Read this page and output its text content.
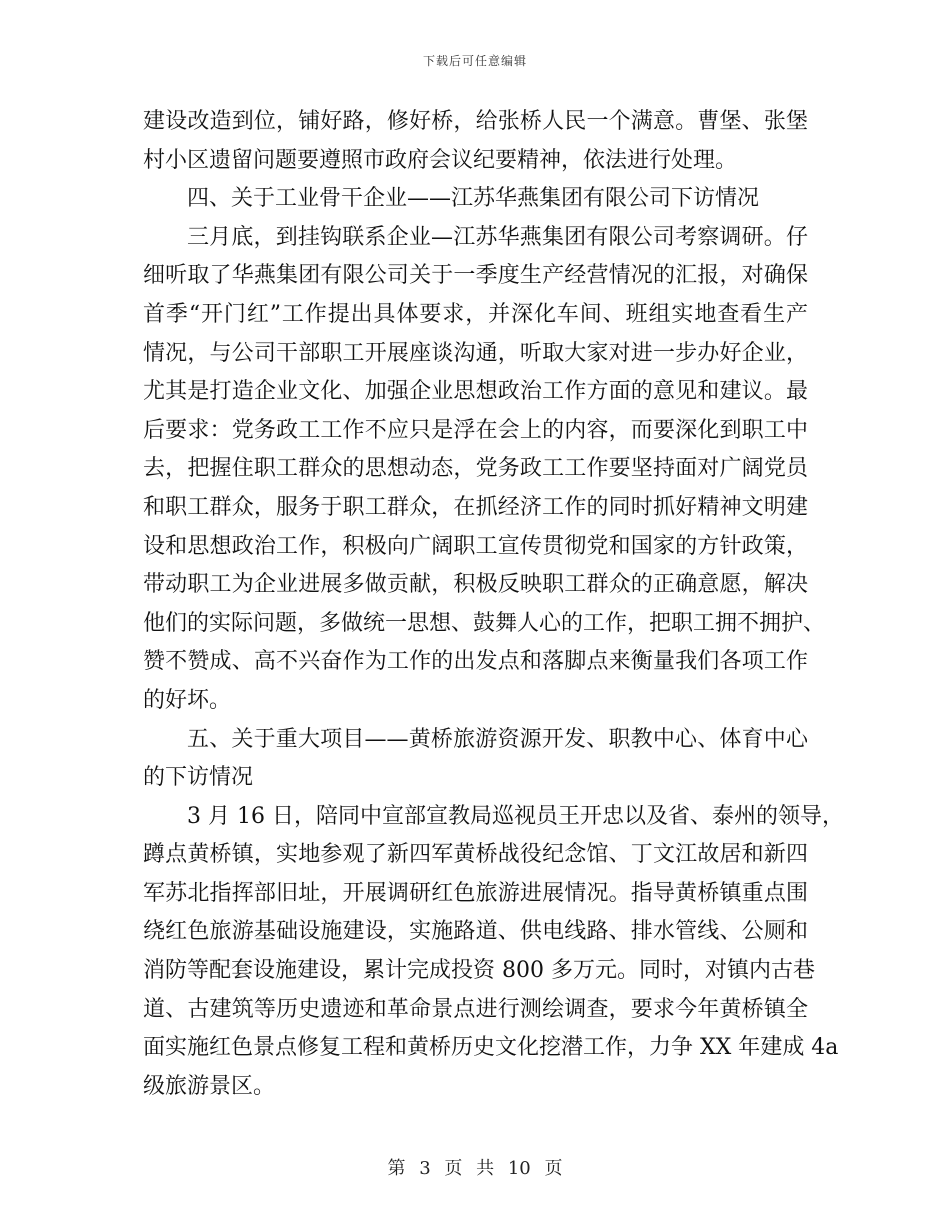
下载后可任意编辑
建设改造到位，铺好路，修好桥，给张桥人民一个满意。曹堡、张堡
村小区遗留问题要遵照市政府会议纪要精神，依法进行处理。
四、关于工业骨干企业——江苏华燕集团有限公司下访情况
三月底，到挂钩联系企业—江苏华燕集团有限公司考察调研。仔
细听取了华燕集团有限公司关于一季度生产经营情况的汇报，对确保
首季“开门红”工作提出具体要求，并深化车间、班组实地查看生产
情况，与公司干部职工开展座谈沟通，听取大家对进一步办好企业，
尤其是打造企业文化、加强企业思想政治工作方面的意见和建议。最
后要求：党务政工工作不应只是浮在会上的内容，而要深化到职工中
去，把握住职工群众的思想动态，党务政工工作要坚持面对广阔党员
和职工群众，服务于职工群众，在抓经济工作的同时抓好精神文明建
设和思想政治工作，积极向广阔职工宣传贯彻党和国家的方针政策，
带动职工为企业进展多做贡献，积极反映职工群众的正确意愿，解决
他们的实际问题，多做统一思想、鼓舞人心的工作，把职工拥不拥护、
赞不赞成、高不兴奋作为工作的出发点和落脚点来衡量我们各项工作
的好坏。
五、关于重大项目——黄桥旅游资源开发、职教中心、体育中心
的下访情况
3 月 16 日，陪同中宣部宣教局巡视员王开忠以及省、泰州的领导，
蹲点黄桥镇，实地参观了新四军黄桥战役纪念馆、丁文江故居和新四
军苏北指挥部旧址，开展调研红色旅游进展情况。指导黄桥镇重点围
绕红色旅游基础设施建设，实施路道、供电线路、排水管线、公厕和
消防等配套设施建设，累计完成投资 800 多万元。同时，对镇内古巷
道、古建筑等历史遗迹和革命景点进行测绘调查，要求今年黄桥镇全
面实施红色景点修复工程和黄桥历史文化挖潜工作，力争 XX 年建成 4a
级旅游景区。
第 3 页 共 10 页
